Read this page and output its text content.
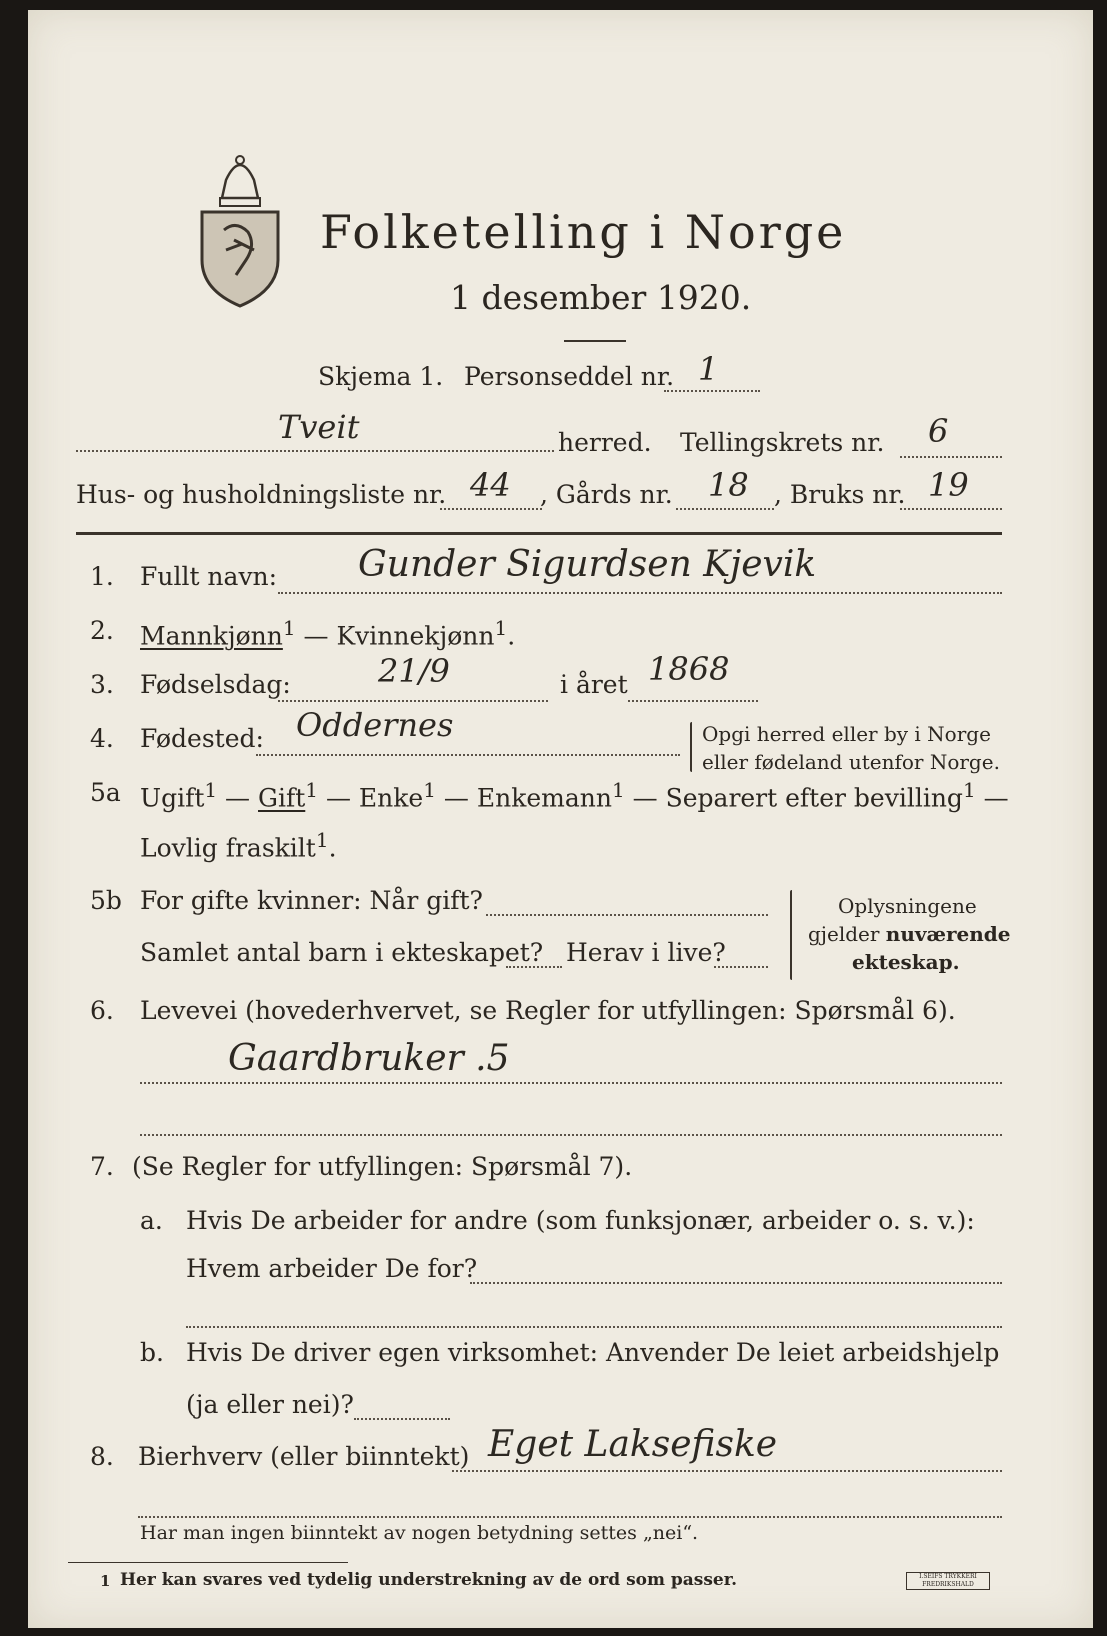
Folketelling i Norge
1 desember 1920.
Skjema 1. Personseddel nr. 1
Tveit	herred. Tellingskrets nr. 6
Hus- og husholdningsliste nr. 44 , Gårds nr. 18 , Bruks nr. 19
1. Fullt navn: Gunder Sigurdsen Kjevik
2. Mannkjønn$^1$ — Kvinnekjønn$^1$.
3. Fødselsdag:	21/9	i året 1868
4. Fødested: Oddernes	Opgi herred eller by i Norge
eller fødeland utenfor Norge.
5a Ugift$^1$ — Gift$^1$ — Enke$^1$ — Enkemann$^1$ — Separert efter bevilling$^1$ —
Lovlig fraskilt$^1$.
5b For gifte kvinner: Når gift?
Samlet antal barn i ekteskapet? Herav i live?
Oplysningene
gjelder nuværende
ekteskap.
6. Levevei (hovederhvervet, se Regler for utfyllingen: Spørsmål 6).
Gaardbruker .5
7. (Se Regler for utfyllingen: Spørsmål 7).
a. Hvis De arbeider for andre (som funksjonær, arbeider o. s. v.):
Hvem arbeider De for?
b. Hvis De driver egen virksomhet: Anvender De leiet arbeidshjelp
(ja eller nei)?
8. Bierhverv (eller biinntekt) Eget Laksefiske
Har man ingen biinntekt av nogen betydning settes „nei“.
1 Her kan svares ved tydelig understrekning av de ord som passer.	I.SEIFS TRYKKERI FREDRIKSHALD
